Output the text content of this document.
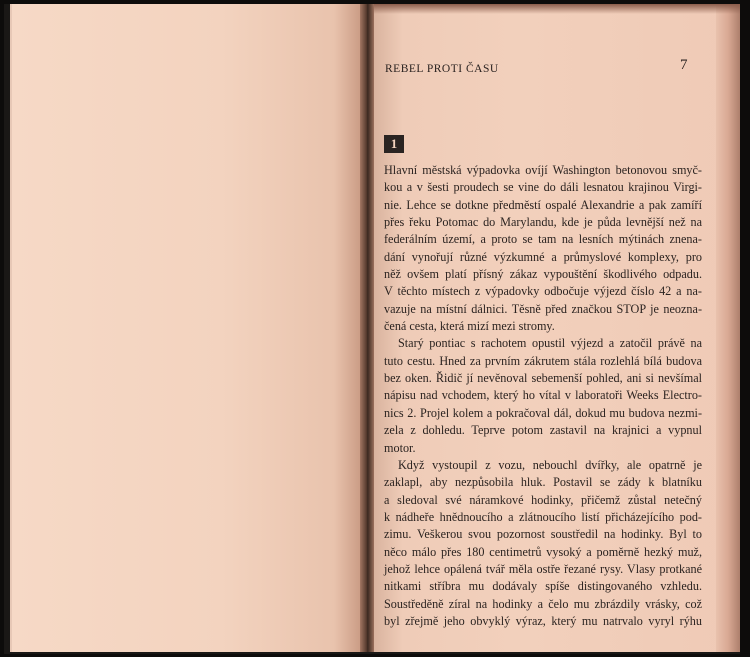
REBEL PROTI ČASU	7
1
Hlavní městská výpadovka ovíjí Washington betonovou smyč-
kou a v šesti proudech se vine do dáli lesnatou krajinou Virgi-
nie. Lehce se dotkne předměstí ospalé Alexandrie a pak zamíří
přes řeku Potomac do Marylandu, kde je půda levnější než na
federálním území, a proto se tam na lesních mýtinách znena-
dání vynořují různé výzkumné a průmyslové komplexy, pro
něž ovšem platí přísný zákaz vypouštění škodlivého odpadu.
V těchto místech z výpadovky odbočuje výjezd číslo 42 a na-
vazuje na místní dálnici. Těsně před značkou STOP je neozna-
čená cesta, která mizí mezi stromy.
Starý pontiac s rachotem opustil výjezd a zatočil právě na
tuto cestu. Hned za prvním zákrutem stála rozlehlá bílá budova
bez oken. Řidič jí nevěnoval sebemenší pohled, ani si nevšímal
nápisu nad vchodem, který ho vítal v laboratoři Weeks Electro-
nics 2. Projel kolem a pokračoval dál, dokud mu budova nezmi-
zela z dohledu. Teprve potom zastavil na krajnici a vypnul
motor.
Když vystoupil z vozu, nebouchl dvířky, ale opatrně je
zaklapl, aby nezpůsobila hluk. Postavil se zády k blatníku
a sledoval své náramkové hodinky, přičemž zůstal netečný
k nádheře hnědnoucího a zlátnoucího listí přicházejícího pod-
zimu. Veškerou svou pozornost soustředil na hodinky. Byl to
něco málo přes 180 centimetrů vysoký a poměrně hezký muž,
jehož lehce opálená tvář měla ostře řezané rysy. Vlasy protkané
nitkami stříbra mu dodávaly spíše distingovaného vzhledu.
Soustředěně zíral na hodinky a čelo mu zbrázdily vrásky, což
byl zřejmě jeho obvyklý výraz, který mu natrvalo vyryl rýhu
